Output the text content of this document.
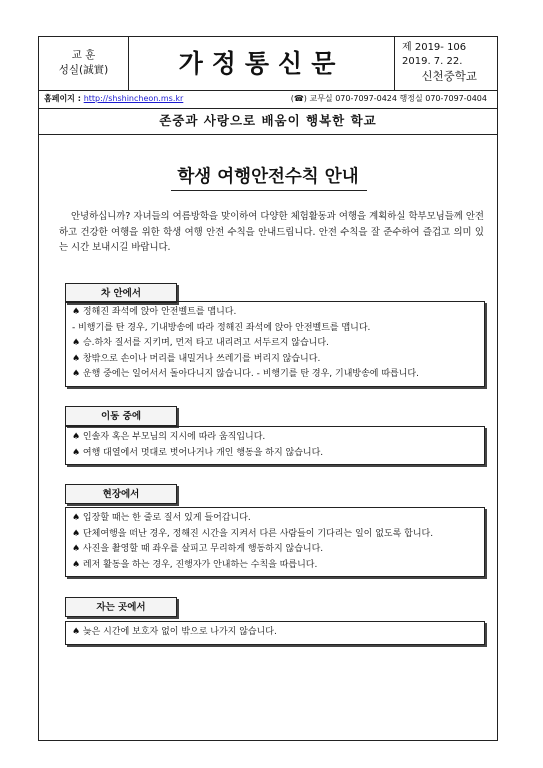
교 훈
성실(誠實)	가정통신문
제 2019- 106
2019. 7. 22.
신천중학교
홈페이지 : http://shshincheon.ms.kr	(☎) 교무실 070-7097-0424 행정실 070-7097-0404
존중과 사랑으로 배움이 행복한 학교
학생 여행안전수칙 안내
안녕하십니까? 자녀들의 여름방학을 맞이하여 다양한 체험활동과 여행을 계획하실 학부모님들께 안전하고 건강한 여행을 위한 학생 여행 안전 수칙을 안내드립니다. 안전 수칙을 잘 준수하여 즐겁고 의미 있는 시간 보내시길 바랍니다.
차 안에서
♠ 정해진 좌석에 앉아 안전벨트를 맵니다.
- 비행기를 탄 경우, 기내방송에 따라 정해진 좌석에 앉아 안전벨트를 맵니다.
♠ 승.하차 질서를 지키며, 먼저 타고 내리려고 서두르지 않습니다.
♠ 창밖으로 손이나 머리를 내밀거나 쓰레기를 버리지 않습니다.
♠ 운행 중에는 일어서서 돌아다니지 않습니다. - 비행기를 탄 경우, 기내방송에 따릅니다.
이동 중에
♠ 인솔자 혹은 부모님의 지시에 따라 움직입니다.
♠ 여행 대열에서 멋대로 벗어나거나 개인 행동을 하지 않습니다.
현장에서
♠ 입장할 때는 한 줄로 질서 있게 들어갑니다.
♠ 단체여행을 떠난 경우, 정해진 시간을 지켜서 다른 사람들이 기다리는 일이 없도록 합니다.
♠ 사진을 촬영할 때 좌우를 살피고 무리하게 행동하지 않습니다.
♠ 레저 활동을 하는 경우, 진행자가 안내하는 수칙을 따릅니다.
자는 곳에서
♠ 늦은 시간에 보호자 없이 밖으로 나가지 않습니다.
